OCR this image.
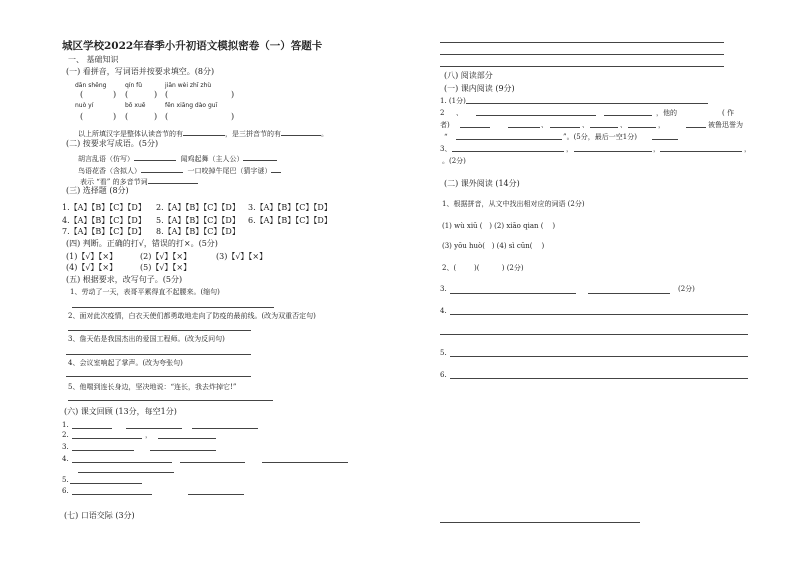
城区学校2022年春季小升初语文模拟密卷（一）答题卡
一、 基础知识
(一) 看拼音，写词语并按要求填空。(8分)
dān shēng	qín fǔ	jiān wèi zhī zhù
(	) (	) (	)
nuò yí	bō xuē	fēn xiāng dào guī
(	) (	) (	)
以上所填汉字是整体认读音节的有	，是三拼音节的有	。
(二) 按要求写成语。(5分)
胡言乱语（仿写）	闻鸡起舞（主人公）
鸟语花香（含拟人）	一口咬掉牛尾巴（猜字谜）
表示 “看” 的多音节词
(三) 选择题 (8分)
1.【A】【B】【C】【D】 2.【A】【B】【C】【D】 3.【A】【B】【C】【D】
4.【A】【B】【C】【D】 5.【A】【B】【C】【D】 6.【A】【B】【C】【D】
7.【A】【B】【C】【D】 8.【A】【B】【C】【D】
(四) 判断。正确的打√，错误的打×。(5分)
(1)【√】【×】	(2)【√】【×】	(3)【√】【×】
(4)【√】【×】	(5)【√】【×】
(五) 根据要求，改写句子。(5分)
1、劳动了一天，表哥平累得直不起腰来。(缩句)
2、面对此次疫情，白衣天使们都勇敢地走向了防疫的最前线。(改为双重否定句)
3、詹天佑是我国杰出的爱国工程师。(改为反问句)
4、会议室响起了掌声。(改为夸张句)
5、他喘到连长身边，坚决地说：“连长，我去炸掉它!”
(六) 课文回顾 (13分，每空1分)
1.
2.	，
3.
4.
5.
6.
(七) 口语交际 (3分)
(八) 阅读部分
(一) 课内阅读 (9分)
1. (1分)
2 、	，他的	( 作
者)	、	、	、	，	被鲁迅誉为
“	”。(5分，最后一空1分)
3、	，	，	，
。(2分)
(二) 课外阅读 (14分)
1、根据拼音，从文中找出相对应的词语 (2分)
(1) wù xiū ( ) (2) xiāo qian ( )
(3) yōu huò( ) (4) sì cūn( )
2、(	)(	) (2分)
3.	(2分)
4.
5.
6.
